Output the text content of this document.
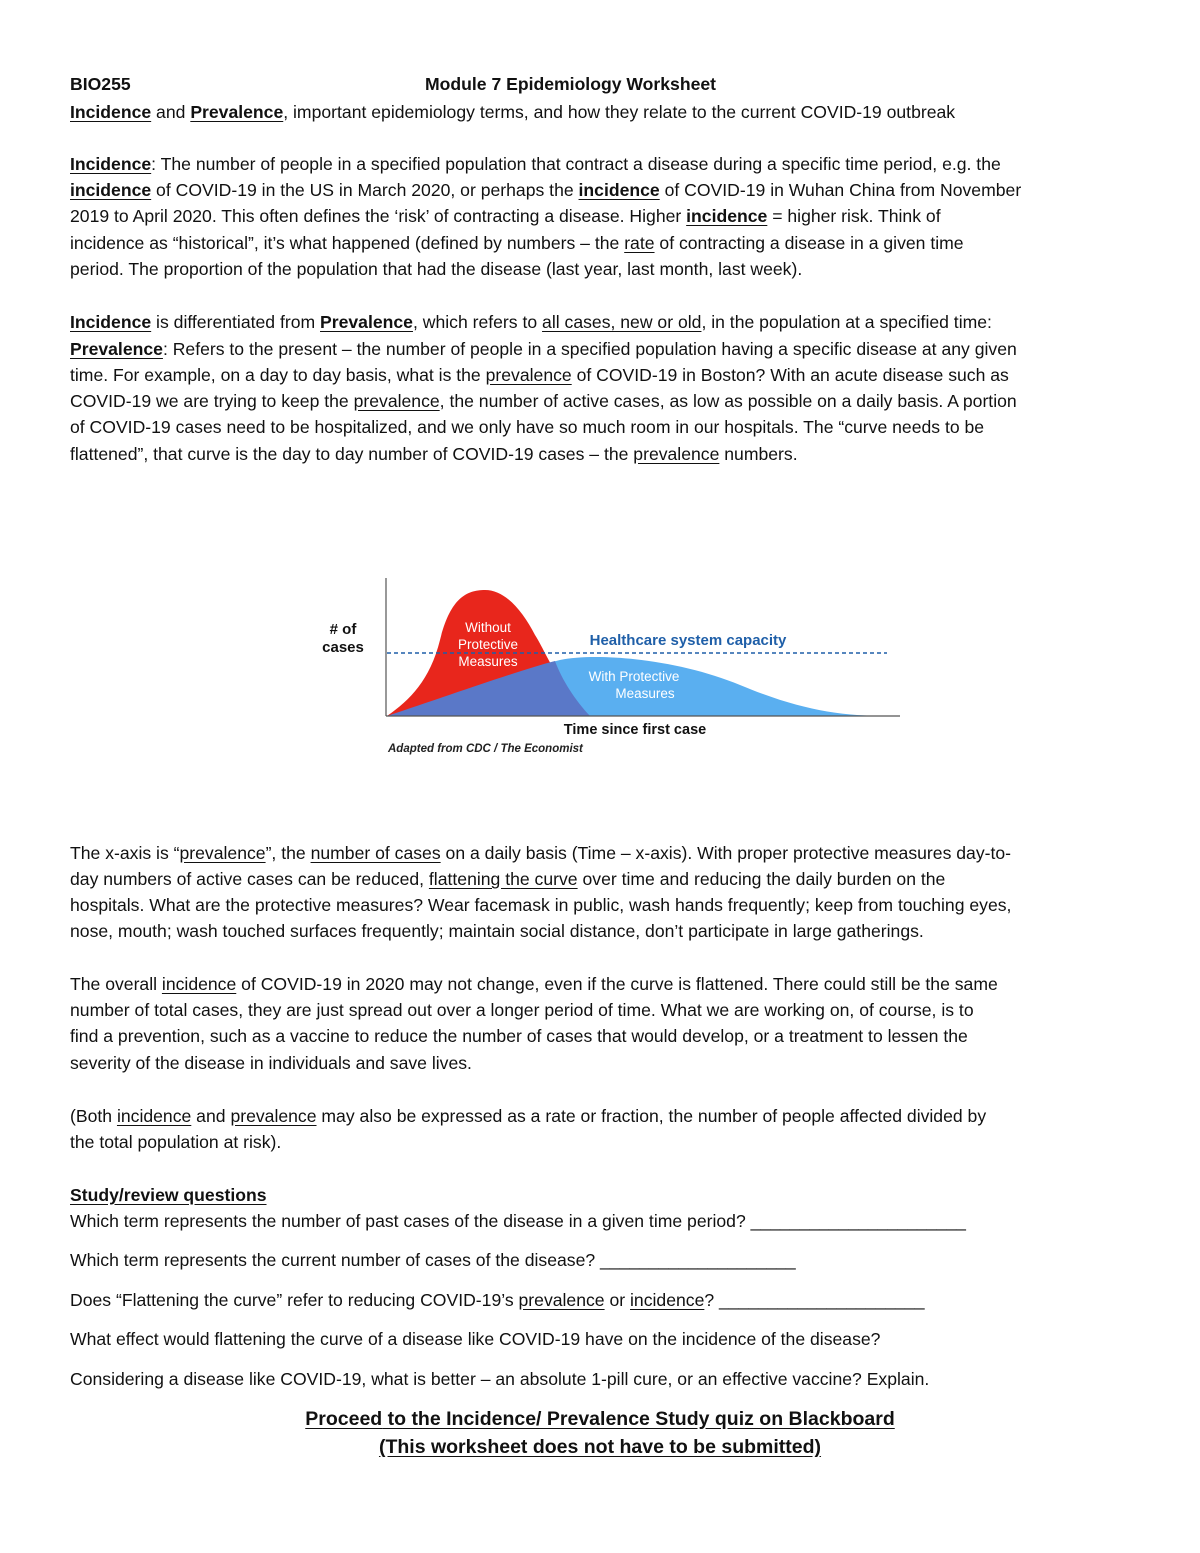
BIO255	Module 7 Epidemiology Worksheet
Incidence and Prevalence, important epidemiology terms, and how they relate to the current COVID-19 outbreak
Incidence: The number of people in a specified population that contract a disease during a specific time period, e.g. the
incidence of COVID-19 in the US in March 2020, or perhaps the incidence of COVID-19 in Wuhan China from November
2019 to April 2020. This often defines the ‘risk’ of contracting a disease. Higher incidence = higher risk. Think of
incidence as “historical”, it’s what happened (defined by numbers – the rate of contracting a disease in a given time
period. The proportion of the population that had the disease (last year, last month, last week).
Incidence is differentiated from Prevalence, which refers to all cases, new or old, in the population at a specified time:
Prevalence: Refers to the present – the number of people in a specified population having a specific disease at any given
time. For example, on a day to day basis, what is the prevalence of COVID-19 in Boston? With an acute disease such as
COVID-19 we are trying to keep the prevalence, the number of active cases, as low as possible on a daily basis. A portion
of COVID-19 cases need to be hospitalized, and we only have so much room in our hospitals. The “curve needs to be
flattened”, that curve is the day to day number of COVID-19 cases – the prevalence numbers.
# of
cases
Without
Protective
Measures
Healthcare system capacity
With Protective
Measures
Time since first case
Adapted from CDC / The Economist
The x-axis is “prevalence”, the number of cases on a daily basis (Time – x-axis). With proper protective measures day-to-
day numbers of active cases can be reduced, flattening the curve over time and reducing the daily burden on the
hospitals. What are the protective measures? Wear facemask in public, wash hands frequently; keep from touching eyes,
nose, mouth; wash touched surfaces frequently; maintain social distance, don’t participate in large gatherings.
The overall incidence of COVID-19 in 2020 may not change, even if the curve is flattened. There could still be the same
number of total cases, they are just spread out over a longer period of time. What we are working on, of course, is to
find a prevention, such as a vaccine to reduce the number of cases that would develop, or a treatment to lessen the
severity of the disease in individuals and save lives.
(Both incidence and prevalence may also be expressed as a rate or fraction, the number of people affected divided by
the total population at risk).
Study/review questions
Which term represents the number of past cases of the disease in a given time period? ______________________
Which term represents the current number of cases of the disease? ____________________
Does “Flattening the curve” refer to reducing COVID-19’s prevalence or incidence? _____________________
What effect would flattening the curve of a disease like COVID-19 have on the incidence of the disease?
Considering a disease like COVID-19, what is better – an absolute 1-pill cure, or an effective vaccine? Explain.
Proceed to the Incidence/ Prevalence Study quiz on Blackboard
(This worksheet does not have to be submitted)
